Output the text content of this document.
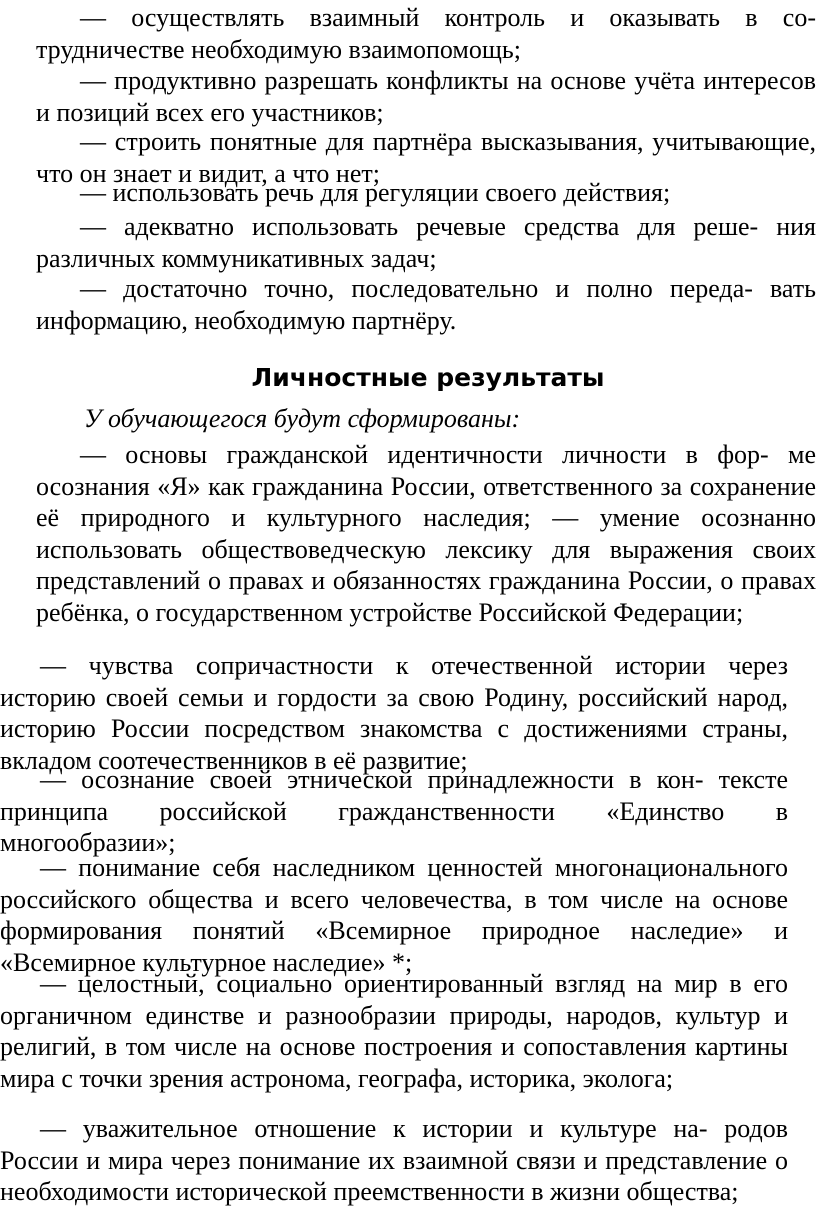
— осуществлять взаимный контроль и оказывать в сотрудничестве необходимую взаимопомощь;

— продуктивно разрешать конфликты на основе учёта интересов и позиций всех его участников;

— строить понятные для партнёра высказывания, учитывающие, что он знает и видит, а что нет;

— использовать речь для регуляции своего действия;

— адекватно использовать речевые средства для реше- ния различных коммуникативных задач;

— достаточно точно, последовательно и полно переда- вать информацию, необходимую партнёру.

Личностные результаты

У обучающегося будут сформированы:

— основы гражданской идентичности личности в фор- ме осознания «Я» как гражданина России, ответственного за сохранение её природного и культурного наследия; — умение осознанно использовать обществоведческую лексику для выражения своих представлений о правах и обязанностях гражданина России, о правах ребёнка, о государственном устройстве Российской Федерации;

— чувства сопричастности к отечественной истории через историю своей семьи и гордости за свою Родину, российский народ, историю России посредством знакомства с достижениями страны, вкладом соотечественников в её развитие;

— осознание своей этнической принадлежности в кон- тексте принципа российской гражданственности «Единство в многообразии»;

— понимание себя наследником ценностей многонационального российского общества и всего человечества, в том числе на основе формирования понятий «Всемирное природное наследие» и «Всемирное культурное наследие» *;

— целостный, социально ориентированный взгляд на мир в его органичном единстве и разнообразии природы, народов, культур и религий, в том числе на основе построения и сопоставления картины мира с точки зрения астронома, географа, историка, эколога;

— уважительное отношение к истории и культуре на- родов России и мира через понимание их взаимной связи и представление о необходимости исторической преемственности в жизни общества;
